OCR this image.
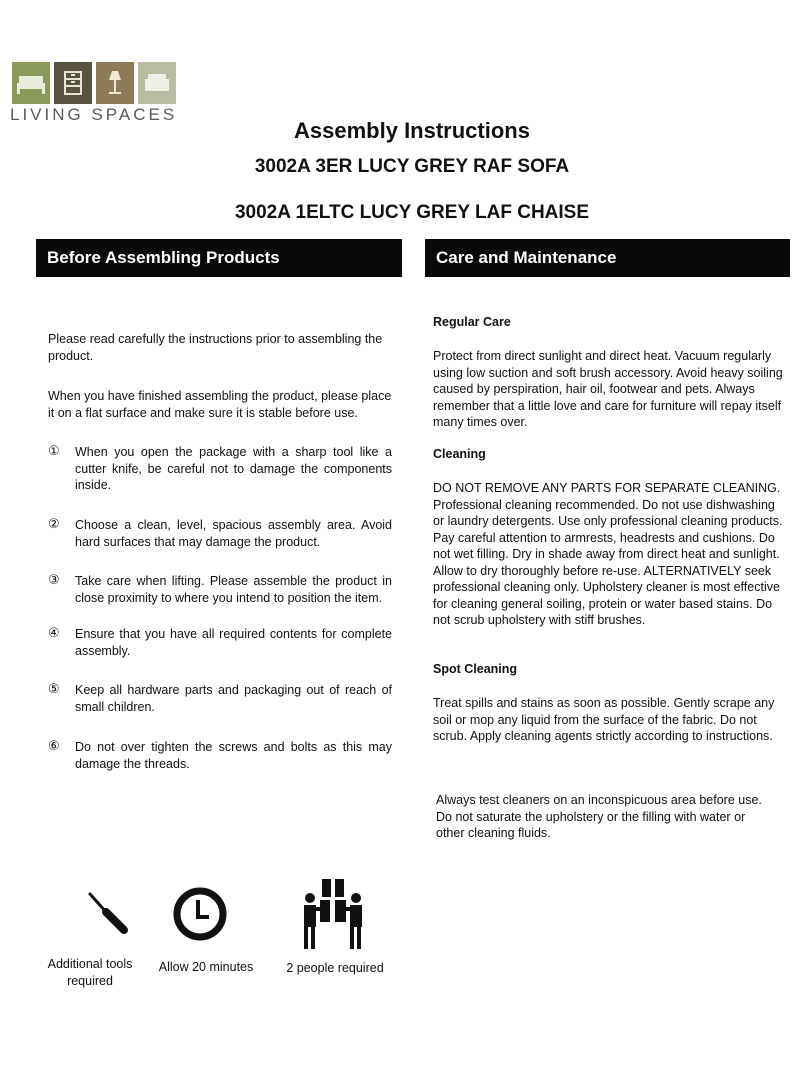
LIVING SPACES
Assembly Instructions
3002A 3ER LUCY GREY RAF SOFA
3002A 1ELTC LUCY GREY LAF CHAISE
Before Assembling Products	Care and Maintenance
Please read carefully the instructions prior to assembling the product.
When you have finished assembling the product, please place it on a flat surface and make sure it is stable before use.
①	When you open the package with a sharp tool like a cutter knife, be careful not to damage the components inside.
②	Choose a clean, level, spacious assembly area. Avoid hard surfaces that may damage the product.
③	Take care when lifting. Please assemble the product in close proximity to where you intend to position the item.
④	Ensure that you have all required contents for complete assembly.
⑤	Keep all hardware parts and packaging out of reach of small children.
⑥	Do not over tighten the screws and bolts as this may damage the threads.
Regular Care
Protect from direct sunlight and direct heat. Vacuum regularly using low suction and soft brush accessory. Avoid heavy soiling caused by perspiration, hair oil, footwear and pets. Always remember that a little love and care for furniture will repay itself many times over.
Cleaning
DO NOT REMOVE ANY PARTS FOR SEPARATE CLEANING. Professional cleaning recommended. Do not use dishwashing or laundry detergents. Use only professional cleaning products. Pay careful attention to armrests, headrests and cushions. Do not wet filling. Dry in shade away from direct heat and sunlight. Allow to dry thoroughly before re-use. ALTERNATIVELY seek professional cleaning only. Upholstery cleaner is most effective for cleaning general soiling, protein or water based stains. Do not scrub upholstery with stiff brushes.
Spot Cleaning
Treat spills and stains as soon as possible. Gently scrape any soil or mop any liquid from the surface of the fabric. Do not scrub. Apply cleaning agents strictly according to instructions.
Always test cleaners on an inconspicuous area before use. Do not saturate the upholstery or the filling with water or other cleaning fluids.
Additional tools required
Allow 20 minutes	2 people required
